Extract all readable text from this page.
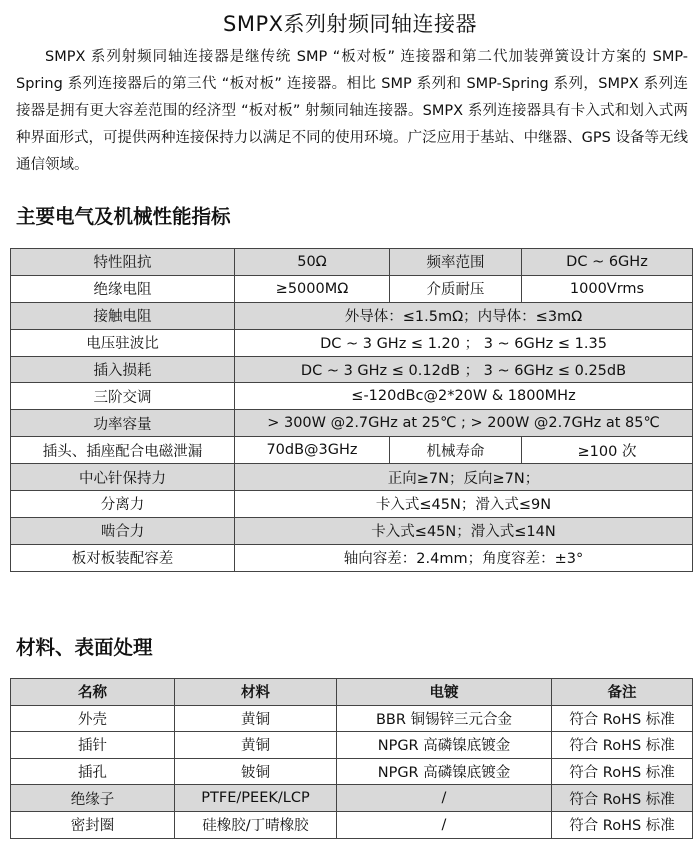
SMPX系列射频同轴连接器

SMPX 系列射频同轴连接器是继传统 SMP “板对板” 连接器和第二代加装弹簧设计方案的 SMP-Spring 系列连接器后的第三代 “板对板” 连接器。相比 SMP 系列和 SMP-Spring 系列，SMPX 系列连接器是拥有更大容差范围的经济型 “板对板” 射频同轴连接器。SMPX 系列连接器具有卡入式和划入式两种界面形式，可提供两种连接保持力以满足不同的使用环境。广泛应用于基站、中继器、GPS 设备等无线通信领域。

主要电气及机械性能指标
特性阻抗	50Ω	频率范围	DC ~ 6GHz
绝缘电阻	≥5000MΩ	介质耐压	1000Vrms
接触电阻	外导体：≤1.5mΩ；内导体：≤3mΩ		
电压驻波比	DC ~ 3 GHz ≤ 1.20 ； 3 ~ 6GHz ≤ 1.35		
插入损耗	DC ~ 3 GHz ≤ 0.12dB ； 3 ~ 6GHz ≤ 0.25dB		
三阶交调	≤-120dBc@2*20W & 1800MHz		
功率容量	> 300W @2.7GHz at 25℃ ; > 200W @2.7GHz at 85℃		
插头、插座配合电磁泄漏	70dB@3GHz	机械寿命	≥100 次
中心针保持力	正向≥7N；反向≥7N；		
分离力	卡入式≤45N；滑入式≤9N		
啮合力	卡入式≤45N；滑入式≤14N		
板对板装配容差	轴向容差：2.4mm；角度容差：±3°		
材料、表面处理
名称	材料	电镀	备注
外壳	黄铜	BBR 铜锡锌三元合金	符合 RoHS 标准
插针	黄铜	NPGR 高磷镍底镀金	符合 RoHS 标准
插孔	铍铜	NPGR 高磷镍底镀金	符合 RoHS 标准
绝缘子	PTFE/PEEK/LCP	/	符合 RoHS 标准
密封圈	硅橡胶/丁晴橡胶	/	符合 RoHS 标准
